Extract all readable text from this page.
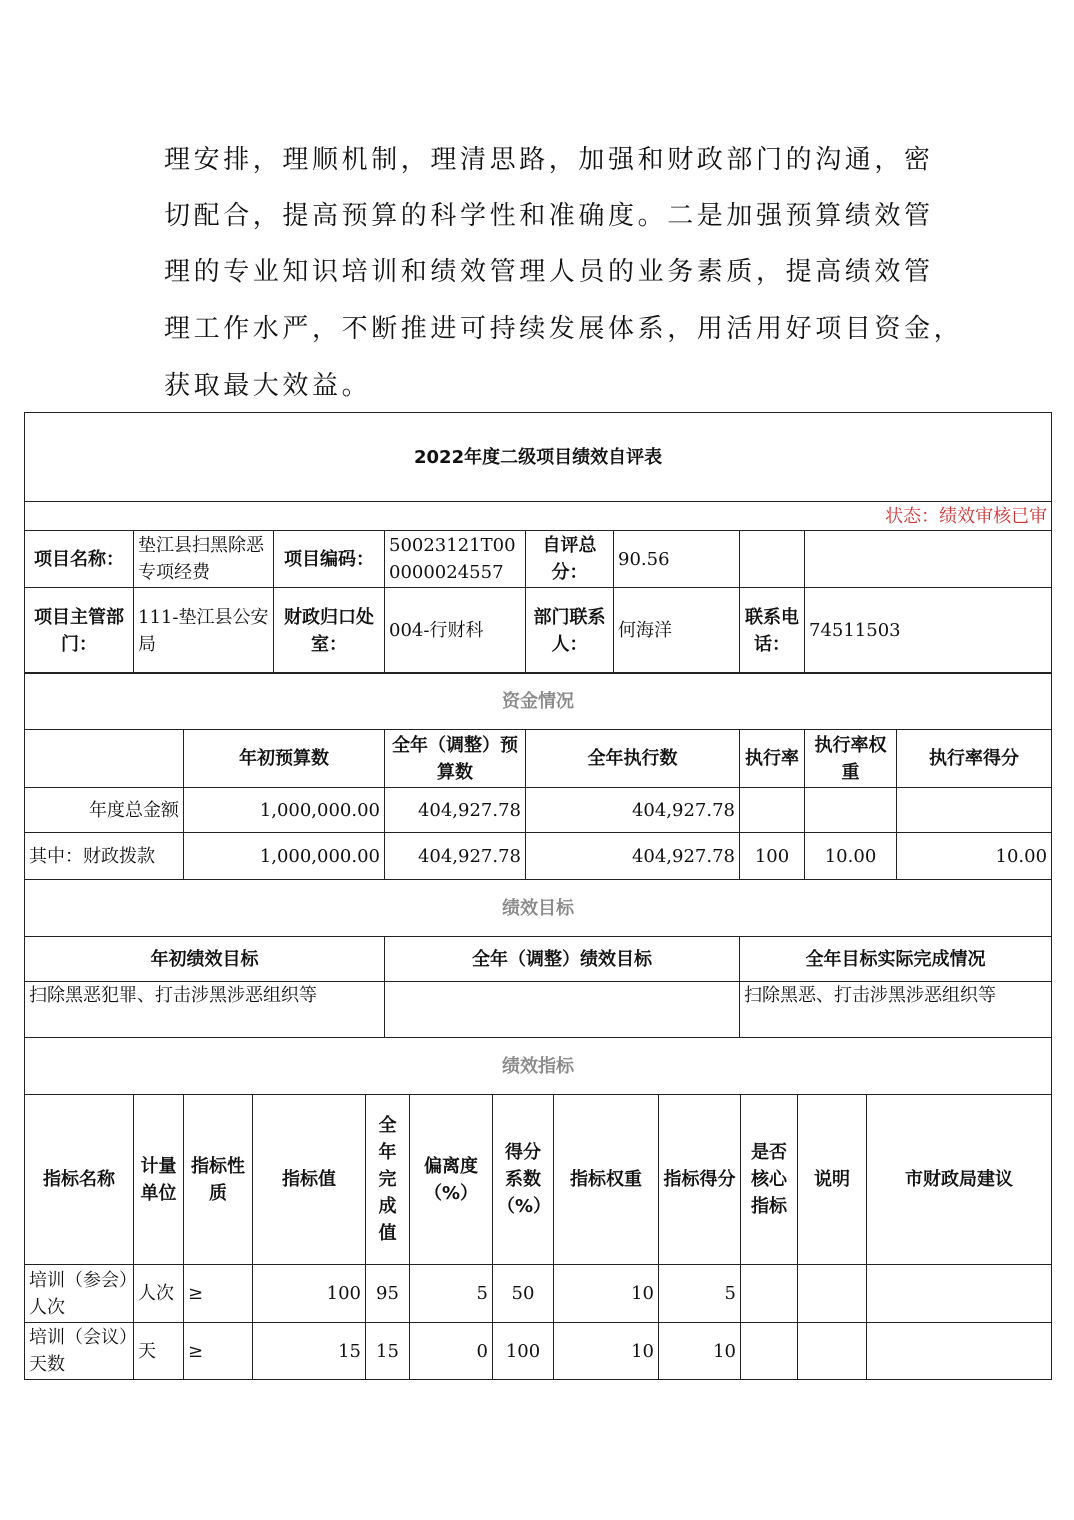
理安排，理顺机制，理清思路，加强和财政部门的沟通，密
切配合，提高预算的科学性和准确度。二是加强预算绩效管
理的专业知识培训和绩效管理人员的业务素质，提高绩效管
理工作水严，不断推进可持续发展体系，用活用好项目资金，
获取最大效益。
2022年度二级项目绩效自评表							
状态：绩效审核已审							
项目名称：	垫江县扫黑除恶专项经费	项目编码：	50023121T000000024557	自评总分：	90.56		
项目主管部门：	111-垫江县公安局	财政归口处室：	004-行财科	部门联系人：	何海洋	联系电话：	74511503
资金情况						
	年初预算数	全年（调整）预算数	全年执行数	执行率	执行率权重	执行率得分
年度总金额	1,000,000.00	404,927.78	404,927.78			
其中：财政拨款	1,000,000.00	404,927.78	404,927.78	100	10.00	10.00
绩效目标		
年初绩效目标	全年（调整）绩效目标	全年目标实际完成情况
扫除黑恶犯罪、打击涉黑涉恶组织等		扫除黑恶、打击涉黑涉恶组织等
绩效指标											
指标名称	计量单位	指标性质	指标值	全年完成值	偏离度（%）	得分系数（%）	指标权重	指标得分	是否核心指标	说明	市财政局建议
培训（参会）人次	人次	≥	100	95	5	50	10	5			
培训（会议）天数	天	≥	15	15	0	100	10	10			
